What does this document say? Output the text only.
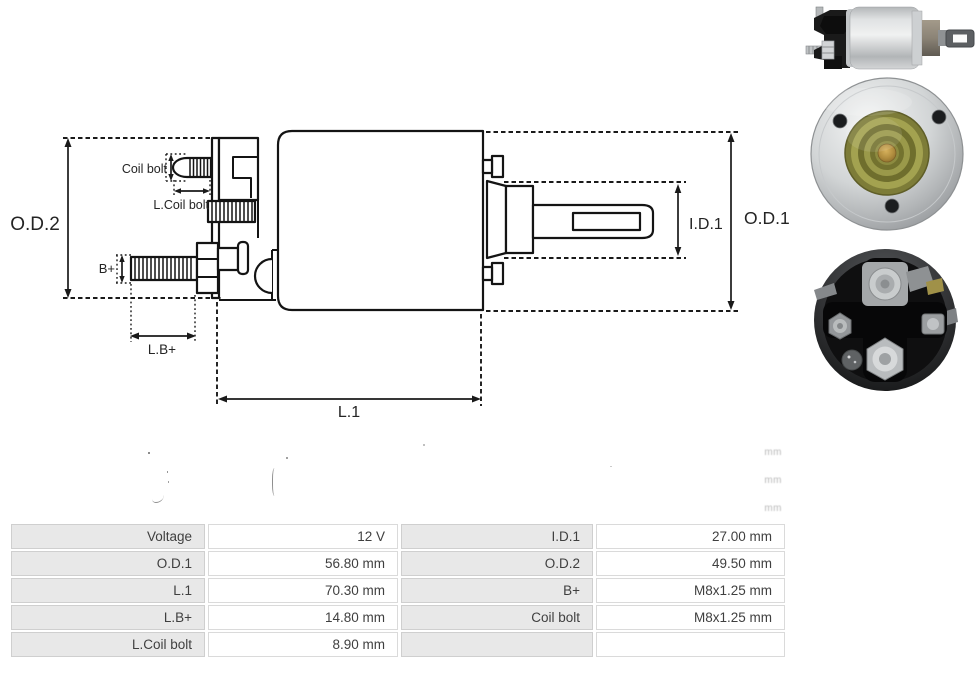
O.D.2
Coil bolt
L.Coil bolt
B+
L.B+
L.1
I.D.1 O.D.1
mm
mm
mm
Voltage	12 V	I.D.1	27.00 mm
O.D.1	56.80 mm	O.D.2	49.50 mm
L.1	70.30 mm	B+	M8x1.25 mm
L.B+	14.80 mm	Coil bolt	M8x1.25 mm
L.Coil bolt	8.90 mm		
